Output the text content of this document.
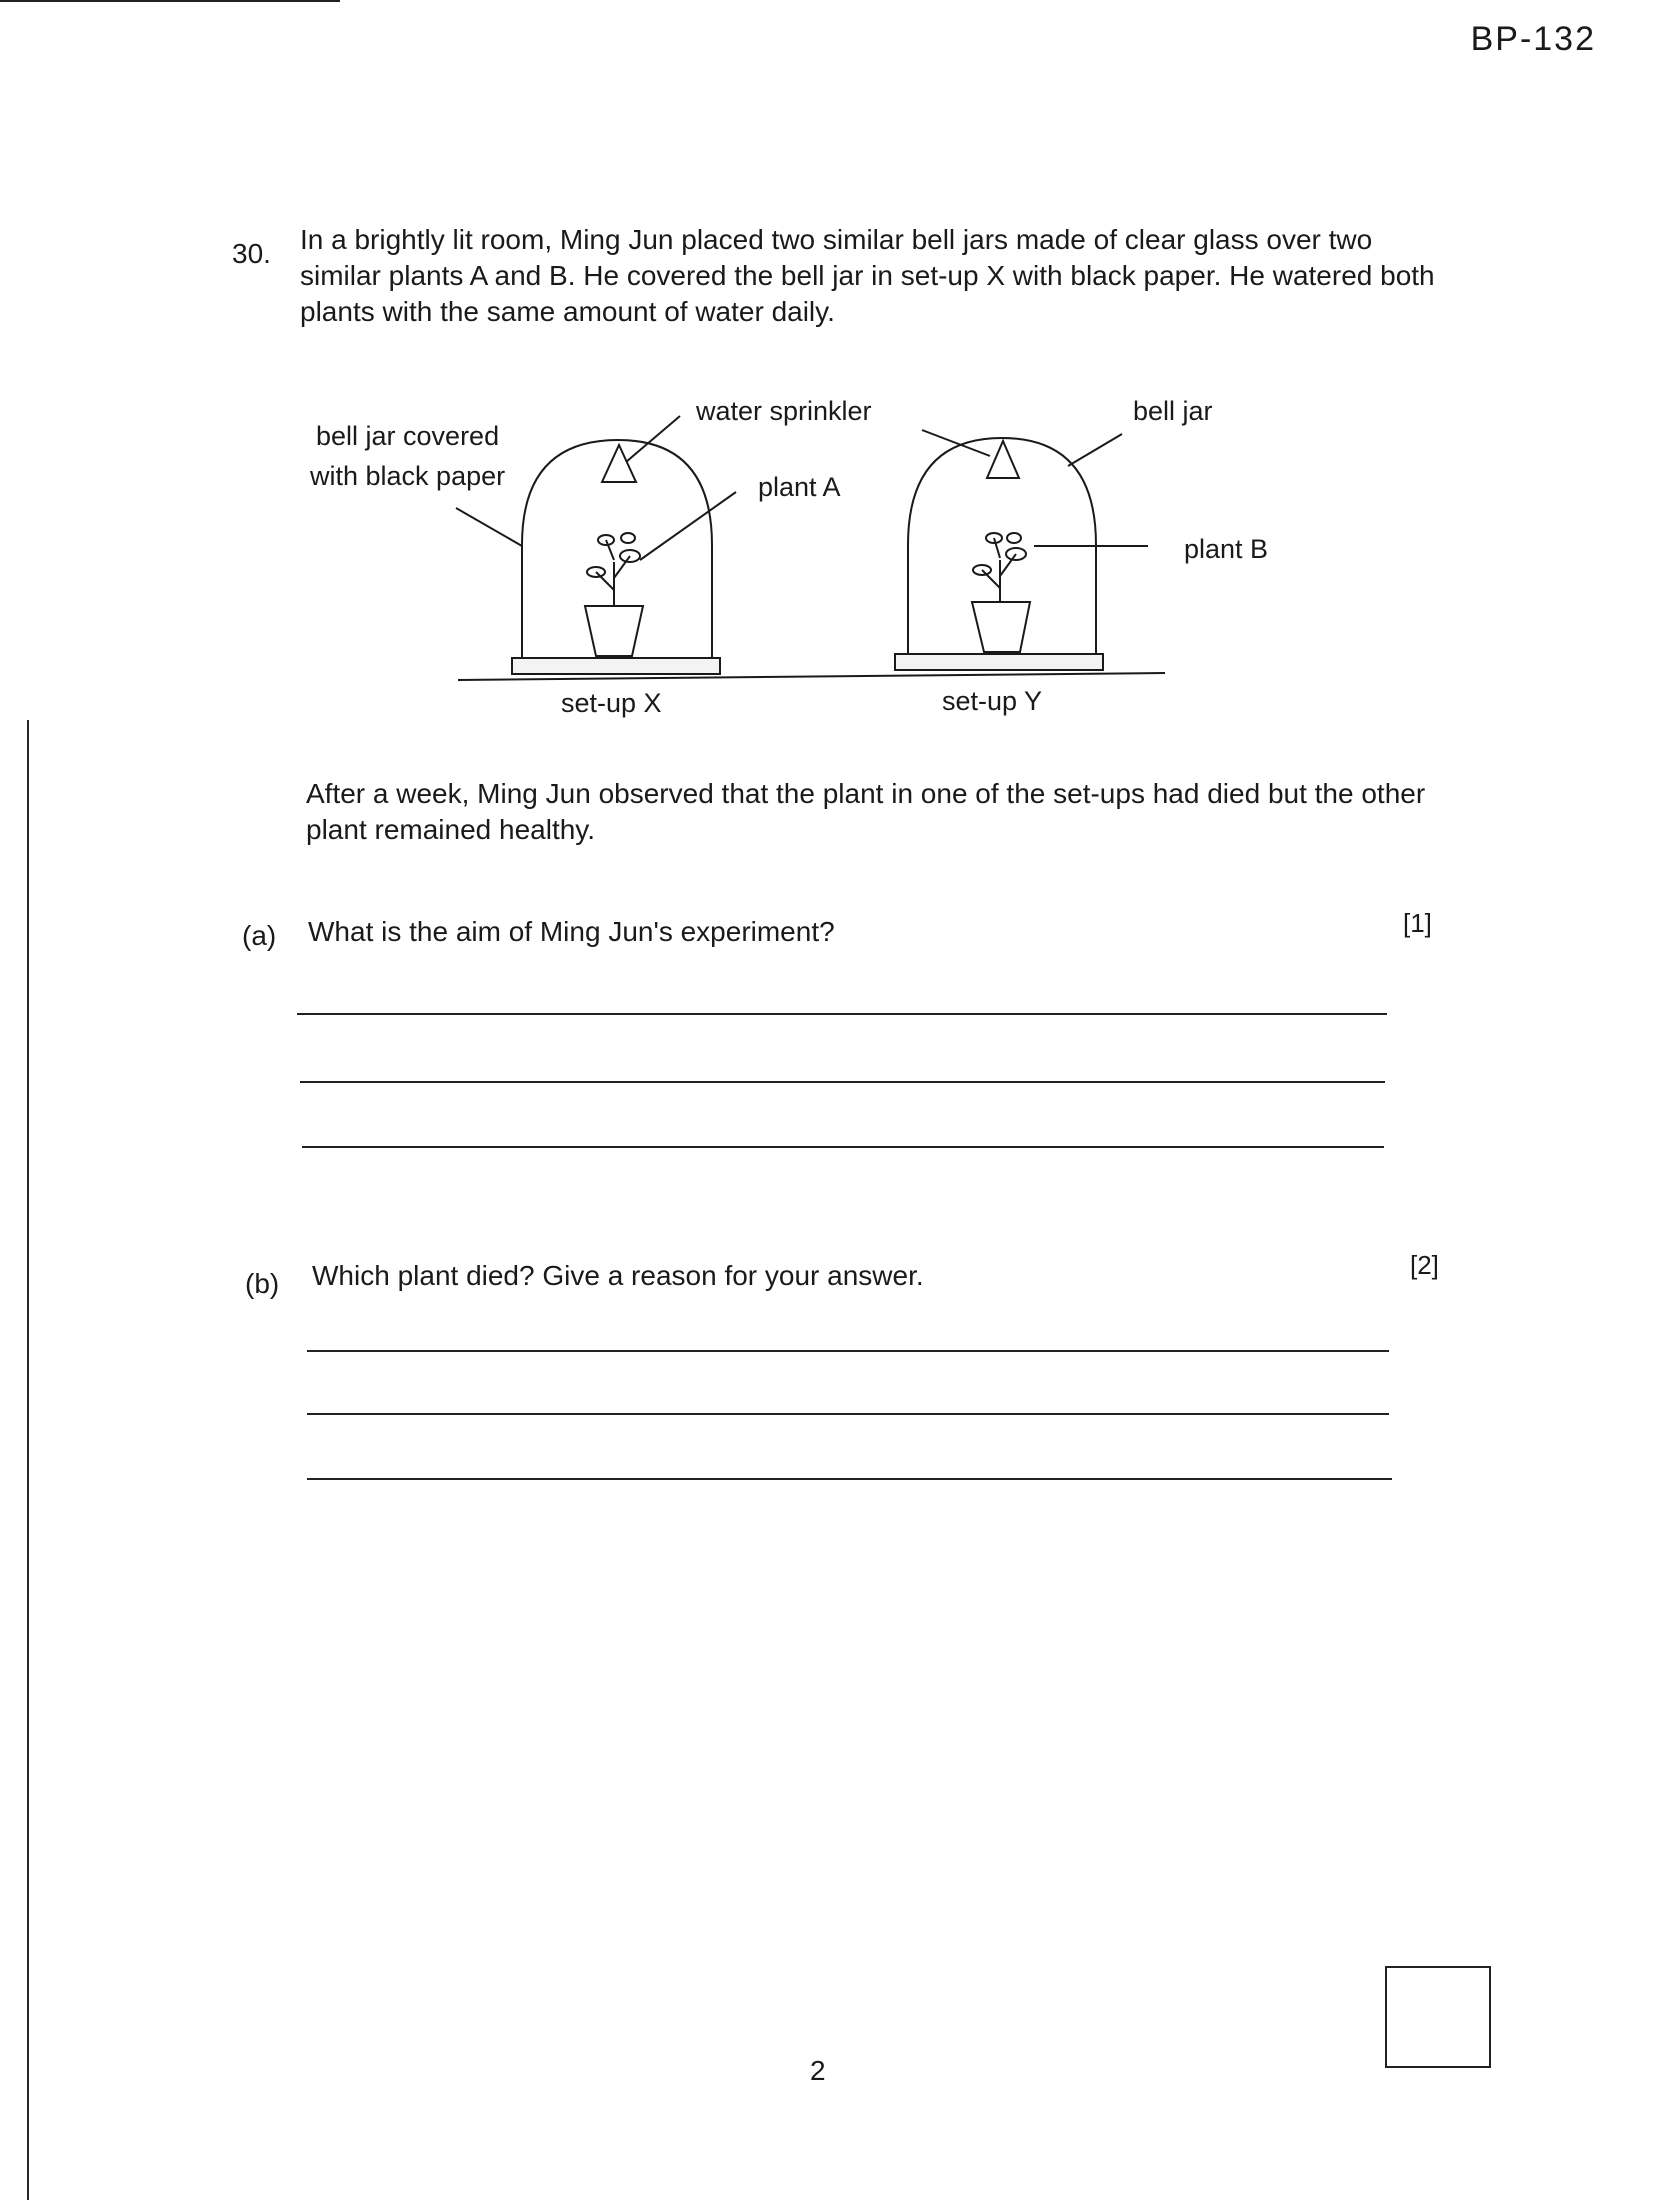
BP-132
30. In a brightly lit room, Ming Jun placed two similar bell jars made of clear glass over two similar plants A and B. He covered the bell jar in set-up X with black paper. He watered both plants with the same amount of water daily.
bell jar covered
with black paper
water sprinkler
plant A
bell jar
plant B
set-up X	set-up Y
After a week, Ming Jun observed that the plant in one of the set-ups had died but the other plant remained healthy.
(a) What is the aim of Ming Jun's experiment?	[1]
(b) Which plant died? Give a reason for your answer.	[2]
2
